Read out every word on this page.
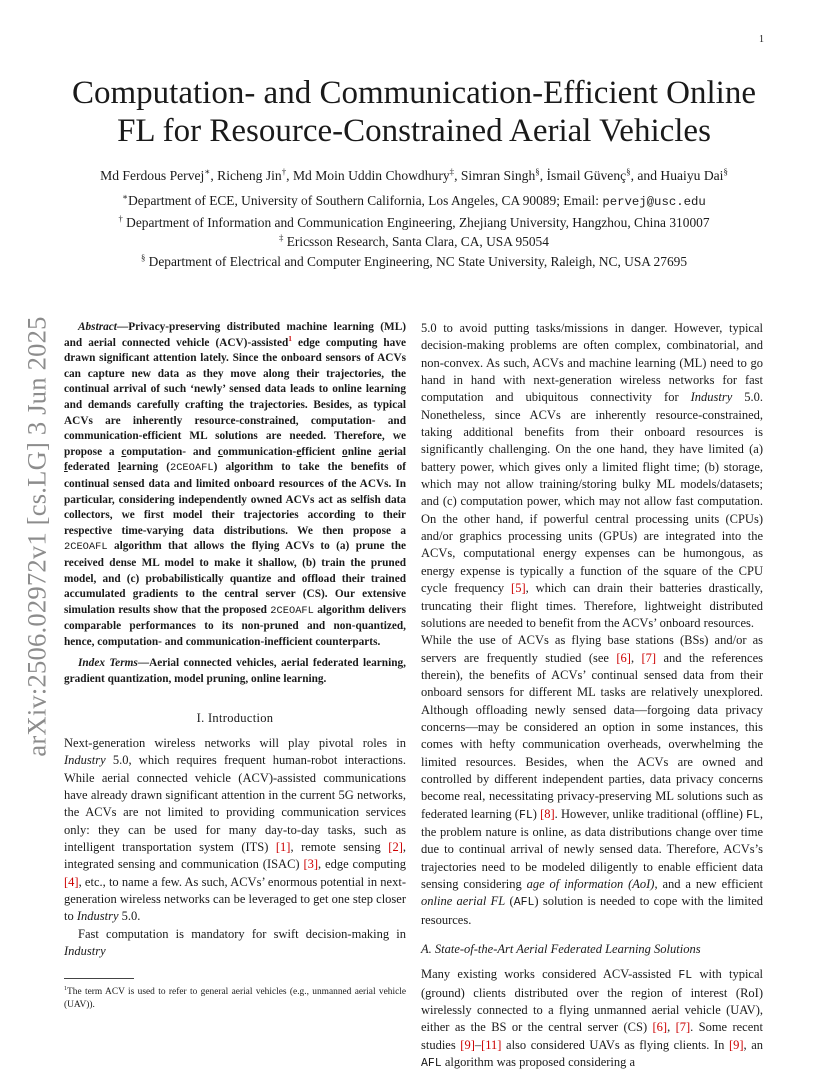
1
arXiv:2506.02972v1 [cs.LG] 3 Jun 2025
Computation- and Communication-Efficient Online
FL for Resource-Constrained Aerial Vehicles
Md Ferdous Pervej∗, Richeng Jin†, Md Moin Uddin Chowdhury‡, Simran Singh§, İsmail Güvenç§, and Huaiyu Dai§
∗Department of ECE, University of Southern California, Los Angeles, CA 90089; Email: pervej@usc.edu
† Department of Information and Communication Engineering, Zhejiang University, Hangzhou, China 310007
‡ Ericsson Research, Santa Clara, CA, USA 95054
§ Department of Electrical and Computer Engineering, NC State University, Raleigh, NC, USA 27695

Abstract—Privacy-preserving distributed machine learning (ML) and aerial connected vehicle (ACV)-assisted$^1$ edge computing have drawn significant attention lately. Since the onboard sensors of ACVs can capture new data as they move along their trajectories, the continual arrival of such ‘newly’ sensed data leads to online learning and demands carefully crafting the trajectories. Besides, as typical ACVs are inherently resource-constrained, computation- and communication-efficient ML solutions are needed. Therefore, we propose a computation- and communication-efficient online aerial federated learning (2CEOAFL) algorithm to take the benefits of continual sensed data and limited onboard resources of the ACVs. In particular, considering independently owned ACVs act as selfish data collectors, we first model their trajectories according to their respective time-varying data distributions. We then propose a 2CEOAFL algorithm that allows the flying ACVs to (a) prune the received dense ML model to make it shallow, (b) train the pruned model, and (c) probabilistically quantize and offload their trained accumulated gradients to the central server (CS). Our extensive simulation results show that the proposed 2CEOAFL algorithm delivers comparable performances to its non-pruned and non-quantized, hence, computation- and communication-inefficient counterparts.

Index Terms—Aerial connected vehicles, aerial federated learning, gradient quantization, model pruning, online learning.

I. Introduction

Next-generation wireless networks will play pivotal roles in Industry 5.0, which requires frequent human-robot interactions. While aerial connected vehicle (ACV)-assisted communications have already drawn significant attention in the current 5G networks, the ACVs are not limited to providing communication services only: they can be used for many day-to-day tasks, such as intelligent transportation system (ITS) [1], remote sensing [2], integrated sensing and communication (ISAC) [3], edge computing [4], etc., to name a few. As such, ACVs’ enormous potential in next-generation wireless networks can be leveraged to get one step closer to Industry 5.0.

Fast computation is mandatory for swift decision-making in Industry

5.0 to avoid putting tasks/missions in danger. However, typical decision-making problems are often complex, combinatorial, and non-convex. As such, ACVs and machine learning (ML) need to go hand in hand with next-generation wireless networks for fast computation and ubiquitous connectivity for Industry 5.0. Nonetheless, since ACVs are inherently resource-constrained, taking additional benefits from their onboard resources is significantly challenging. On the one hand, they have limited (a) battery power, which gives only a limited flight time; (b) storage, which may not allow training/storing bulky ML models/datasets; and (c) computation power, which may not allow fast computation. On the other hand, if powerful central processing units (CPUs) and/or graphics processing units (GPUs) are integrated into the ACVs, computational energy expenses can be humongous, as energy expense is typically a function of the square of the CPU cycle frequency [5], which can drain their batteries drastically, truncating their flight times. Therefore, lightweight distributed solutions are needed to benefit from the ACVs’ onboard resources.

While the use of ACVs as flying base stations (BSs) and/or as servers are frequently studied (see [6], [7] and the references therein), the benefits of ACVs’ continual sensed data from their onboard sensors for different ML tasks are relatively unexplored. Although offloading newly sensed data—forgoing data privacy concerns—may be considered an option in some instances, this comes with hefty communication overheads, overwhelming the limited resources. Besides, when the ACVs are owned and controlled by different independent parties, data privacy concerns become real, necessitating privacy-preserving ML solutions such as federated learning (FL) [8]. However, unlike traditional (offline) FL, the problem nature is online, as data distributions change over time due to continual arrival of newly sensed data. Therefore, ACVs’s trajectories need to be modeled diligently to enable efficient data sensing considering age of information (AoI), and a new efficient online aerial FL (AFL) solution is needed to cope with the limited resources.

A. State-of-the-Art Aerial Federated Learning Solutions

Many existing works considered ACV-assisted FL with typical (ground) clients distributed over the region of interest (RoI) wirelessly connected to a flying unmanned aerial vehicle (UAV), either as the BS or the central server (CS) [6], [7]. Some recent studies [9]–[11] also considered UAVs as flying clients. In [9], an AFL algorithm was proposed considering a

$^1$The term ACV is used to refer to general aerial vehicles (e.g., unmanned aerial vehicle (UAV)).
